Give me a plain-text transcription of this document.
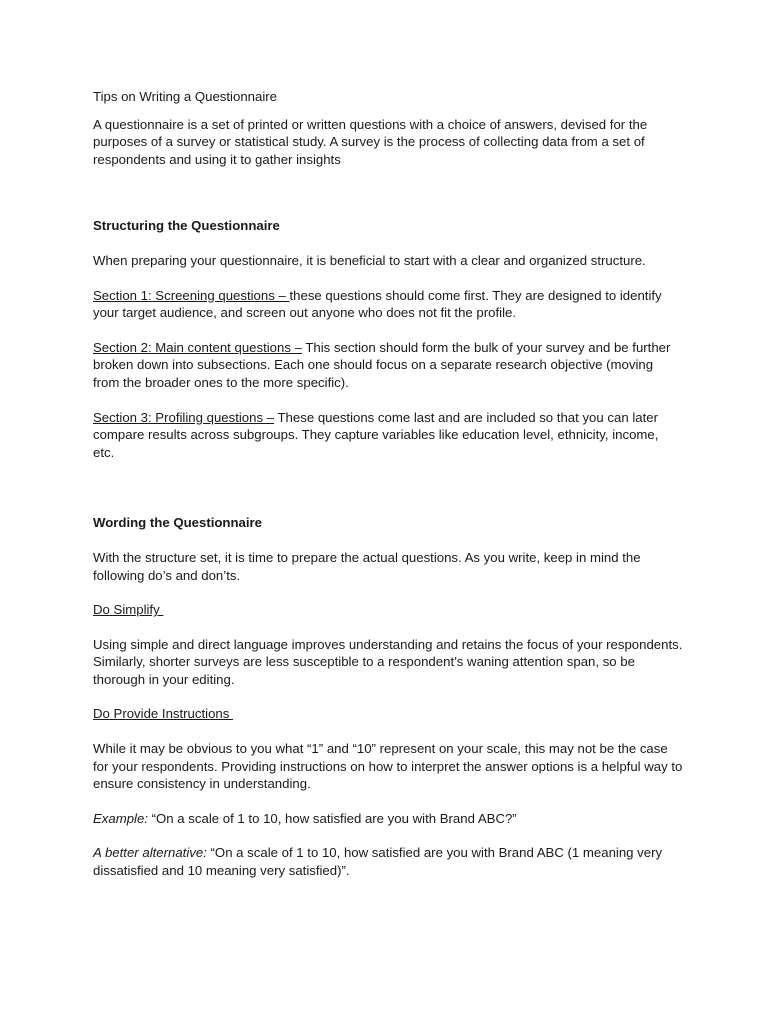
Tips on Writing a Questionnaire

A questionnaire is a set of printed or written questions with a choice of answers, devised for the purposes of a survey or statistical study. A survey is the process of collecting data from a set of respondents and using it to gather insights

Structuring the Questionnaire

When preparing your questionnaire, it is beneficial to start with a clear and organized structure.

Section 1: Screening questions – these questions should come first. They are designed to identify your target audience, and screen out anyone who does not fit the profile.

Section 2: Main content questions – This section should form the bulk of your survey and be further broken down into subsections. Each one should focus on a separate research objective (moving from the broader ones to the more specific).

Section 3: Profiling questions – These questions come last and are included so that you can later compare results across subgroups. They capture variables like education level, ethnicity, income, etc.

Wording the Questionnaire

With the structure set, it is time to prepare the actual questions. As you write, keep in mind the following do’s and don’ts.

Do Simplify

Using simple and direct language improves understanding and retains the focus of your respondents. Similarly, shorter surveys are less susceptible to a respondent’s waning attention span, so be thorough in your editing.

Do Provide Instructions

While it may be obvious to you what “1” and “10” represent on your scale, this may not be the case for your respondents. Providing instructions on how to interpret the answer options is a helpful way to ensure consistency in understanding.

Example: “On a scale of 1 to 10, how satisfied are you with Brand ABC?”

A better alternative: “On a scale of 1 to 10, how satisfied are you with Brand ABC (1 meaning very dissatisfied and 10 meaning very satisfied)”.
